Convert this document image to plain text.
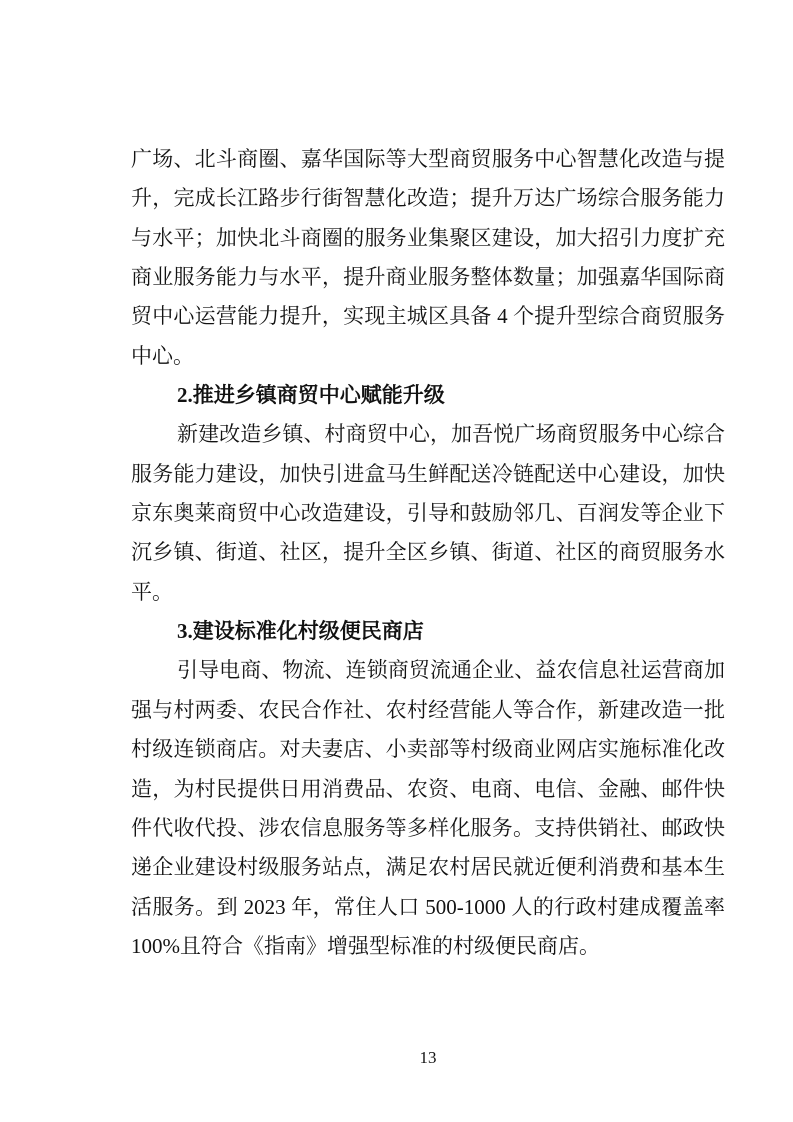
广场、北斗商圈、嘉华国际等大型商贸服务中心智慧化改造与提
升，完成长江路步行街智慧化改造；提升万达广场综合服务能力
与水平；加快北斗商圈的服务业集聚区建设，加大招引力度扩充
商业服务能力与水平，提升商业服务整体数量；加强嘉华国际商
贸中心运营能力提升，实现主城区具备 4 个提升型综合商贸服务
中心。
2.推进乡镇商贸中心赋能升级
新建改造乡镇、村商贸中心，加吾悦广场商贸服务中心综合
服务能力建设，加快引进盒马生鲜配送冷链配送中心建设，加快
京东奥莱商贸中心改造建设，引导和鼓励邻几、百润发等企业下
沉乡镇、街道、社区，提升全区乡镇、街道、社区的商贸服务水
平。
3.建设标准化村级便民商店
引导电商、物流、连锁商贸流通企业、益农信息社运营商加
强与村两委、农民合作社、农村经营能人等合作，新建改造一批
村级连锁商店。对夫妻店、小卖部等村级商业网店实施标准化改
造，为村民提供日用消费品、农资、电商、电信、金融、邮件快
件代收代投、涉农信息服务等多样化服务。支持供销社、邮政快
递企业建设村级服务站点，满足农村居民就近便利消费和基本生
活服务。到 2023 年，常住人口 500-1000 人的行政村建成覆盖率
100%且符合《指南》增强型标准的村级便民商店。
13
